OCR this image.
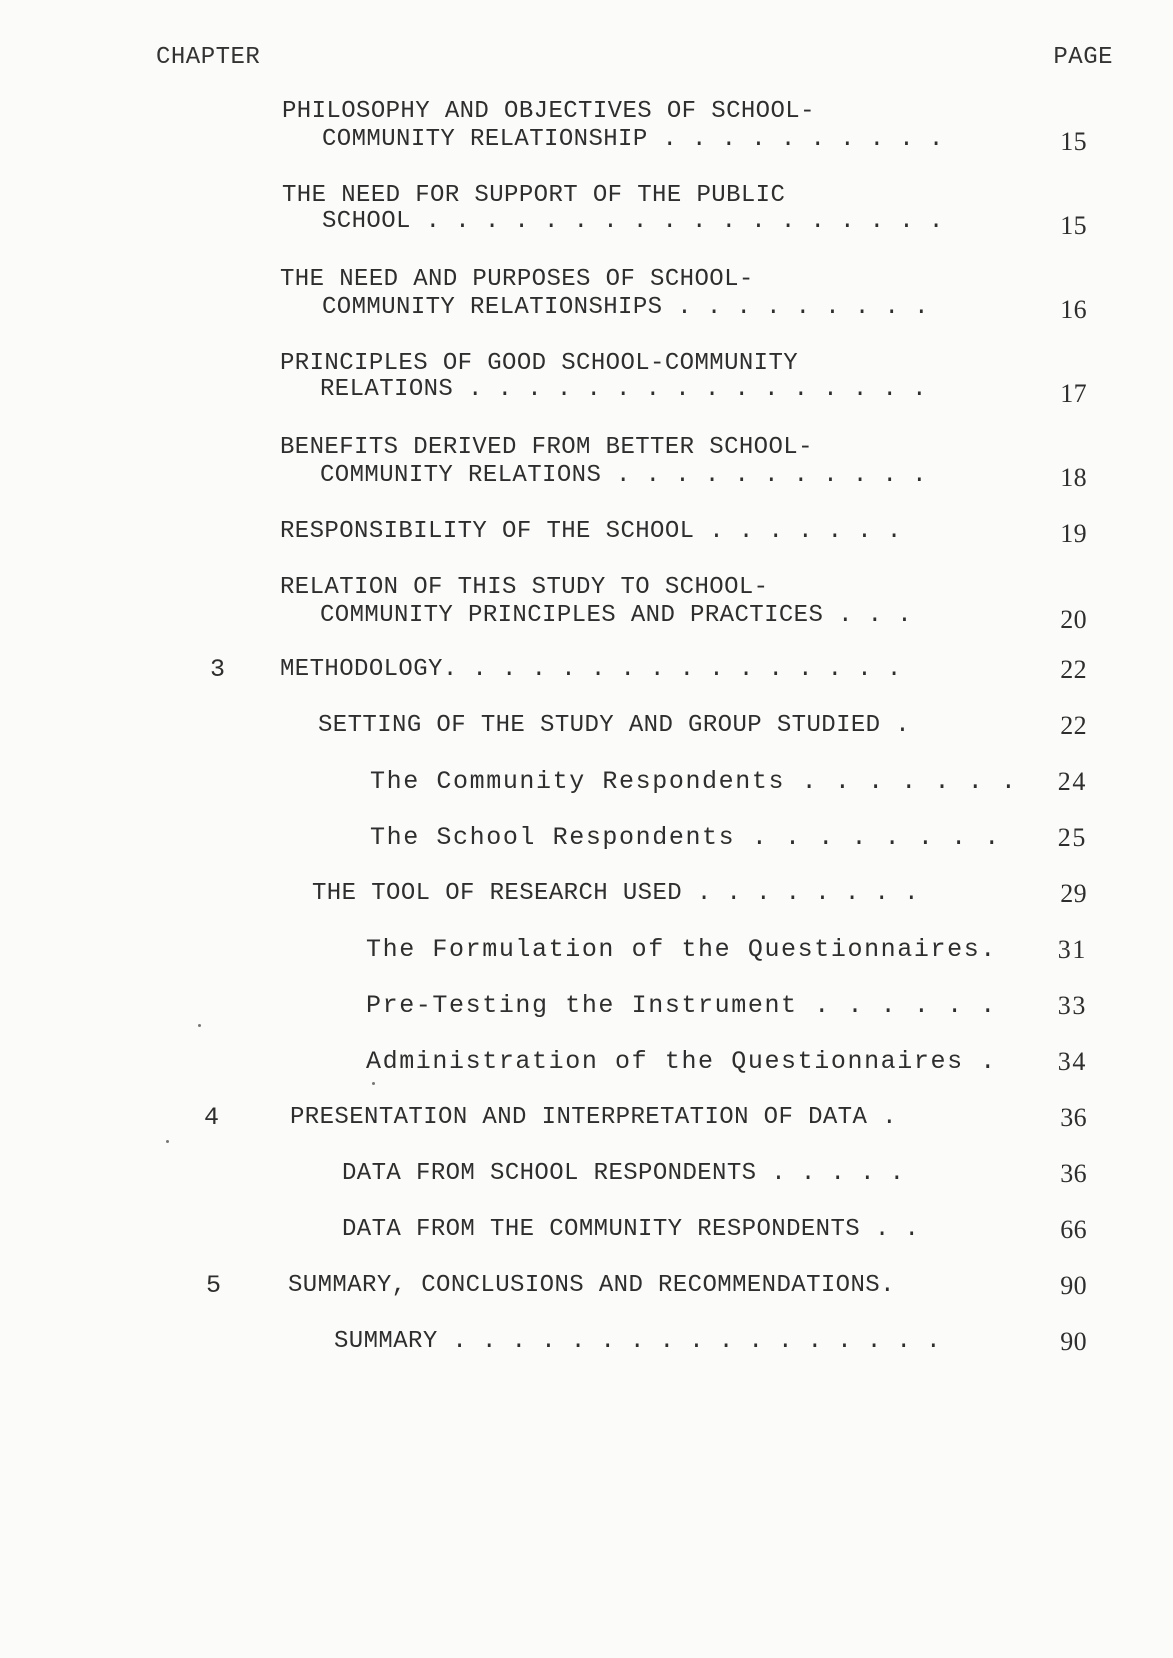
CHAPTER	PAGE
PHILOSOPHY AND OBJECTIVES OF SCHOOL-
COMMUNITY RELATIONSHIP . . . . . . . . . .	15
THE NEED FOR SUPPORT OF THE PUBLIC
SCHOOL . . . . . . . . . . . . . . . . . .	15
THE NEED AND PURPOSES OF SCHOOL-
COMMUNITY RELATIONSHIPS . . . . . . . . .	16
PRINCIPLES OF GOOD SCHOOL-COMMUNITY
RELATIONS . . . . . . . . . . . . . . . .	17
BENEFITS DERIVED FROM BETTER SCHOOL-
COMMUNITY RELATIONS . . . . . . . . . . .	18
RESPONSIBILITY OF THE SCHOOL . . . . . . .	19
RELATION OF THIS STUDY TO SCHOOL-
COMMUNITY PRINCIPLES AND PRACTICES . . .	20
3 METHODOLOGY. . . . . . . . . . . . . . . .	22
SETTING OF THE STUDY AND GROUP STUDIED .	22
The Community Respondents . . . . . . .	24
The School Respondents . . . . . . . .	25
THE TOOL OF RESEARCH USED . . . . . . . .	29
The Formulation of the Questionnaires.	31
Pre-Testing the Instrument . . . . . .	33
Administration of the Questionnaires .	34
4	PRESENTATION AND INTERPRETATION OF DATA .	36
DATA FROM SCHOOL RESPONDENTS . . . . .	36
DATA FROM THE COMMUNITY RESPONDENTS . .	66
5	SUMMARY, CONCLUSIONS AND RECOMMENDATIONS.	90
SUMMARY . . . . . . . . . . . . . . . . .	90
